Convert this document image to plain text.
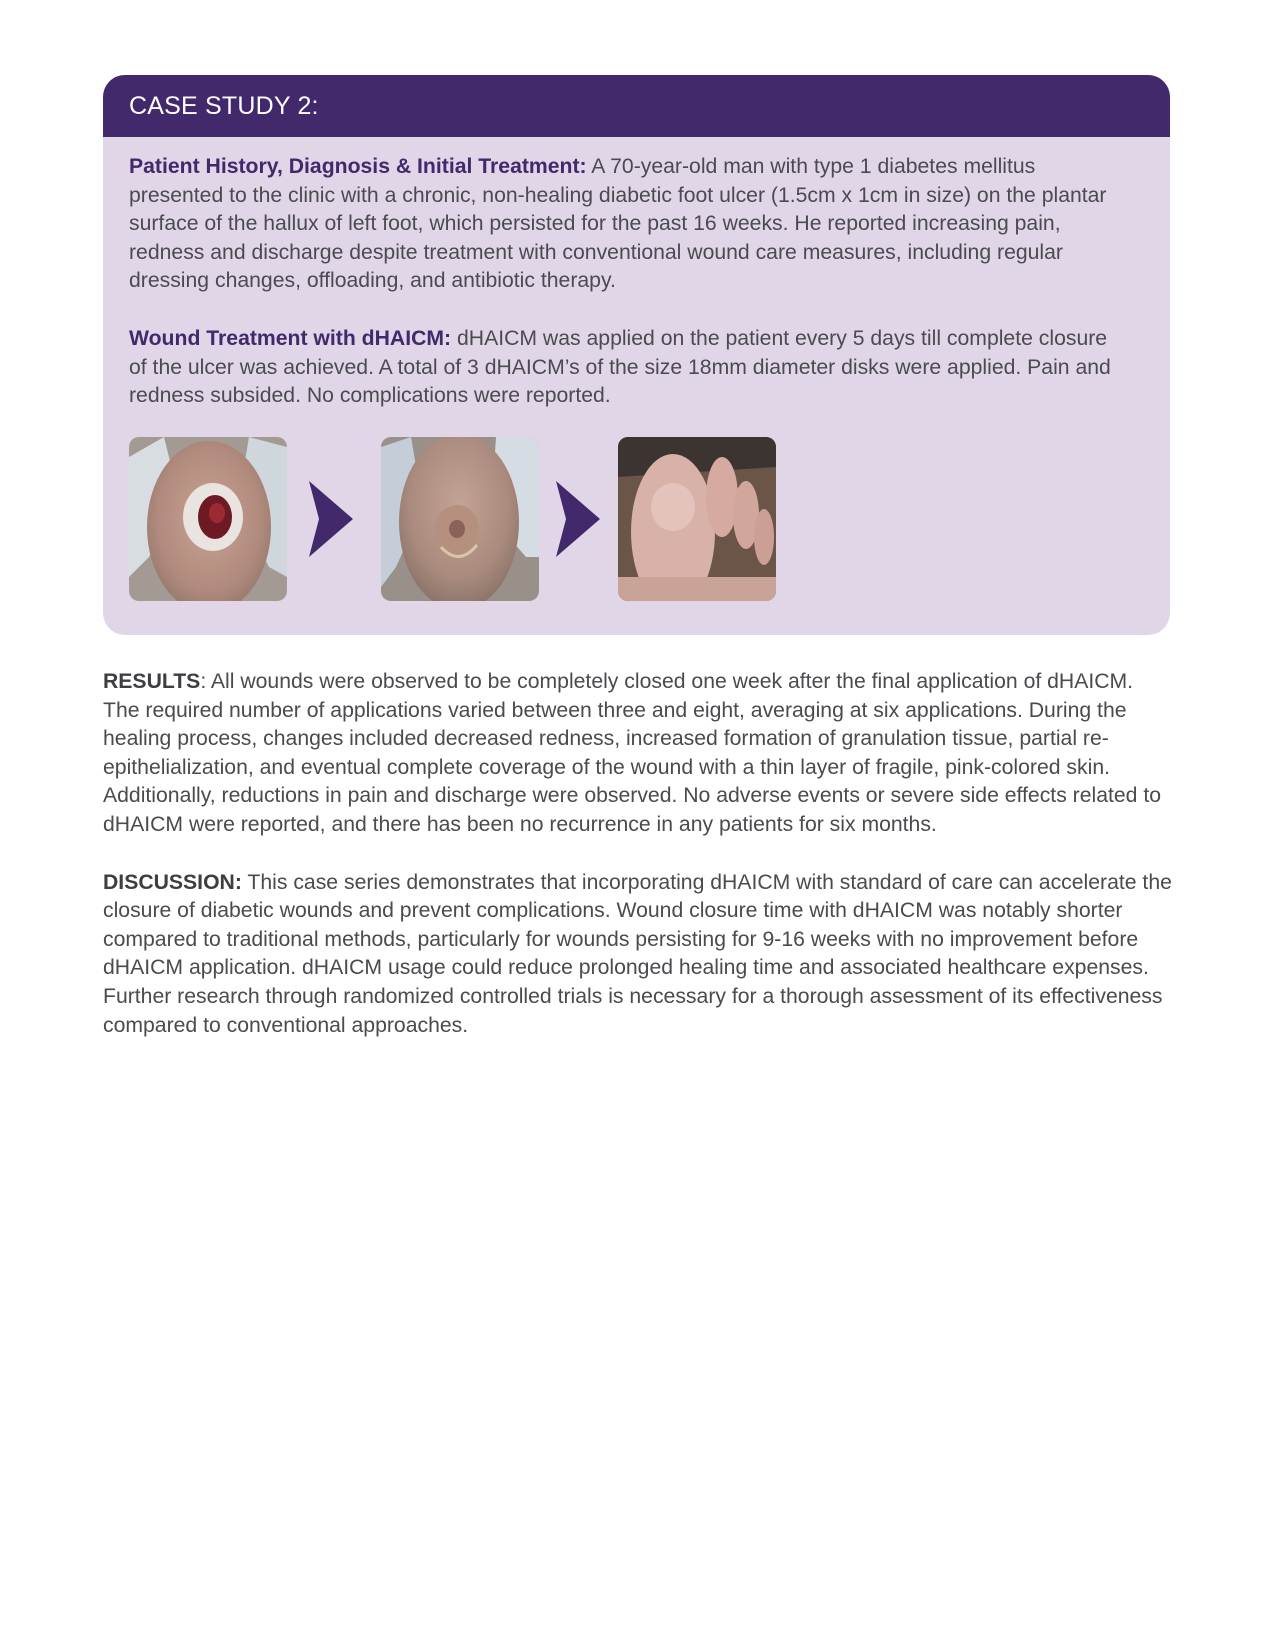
CASE STUDY 2:

Patient History, Diagnosis & Initial Treatment: A 70-year-old man with type 1 diabetes mellitus presented to the clinic with a chronic, non-healing diabetic foot ulcer (1.5cm x 1cm in size) on the plantar surface of the hallux of left foot, which persisted for the past 16 weeks. He reported increasing pain, redness and discharge despite treatment with conventional wound care measures, including regular dressing changes, offloading, and antibiotic therapy.

Wound Treatment with dHAICM: dHAICM was applied on the patient every 5 days till complete closure of the ulcer was achieved. A total of 3 dHAICM’s of the size 18mm diameter disks were applied. Pain and redness subsided. No complications were reported.

RESULTS: All wounds were observed to be completely closed one week after the final application of dHAICM. The required number of applications varied between three and eight, averaging at six applications. During the healing process, changes included decreased redness, increased formation of granulation tissue, partial re-epithelialization, and eventual complete coverage of the wound with a thin layer of fragile, pink-colored skin. Additionally, reductions in pain and discharge were observed. No adverse events or severe side effects related to dHAICM were reported, and there has been no recurrence in any patients for six months.

DISCUSSION: This case series demonstrates that incorporating dHAICM with standard of care can accelerate the closure of diabetic wounds and prevent complications. Wound closure time with dHAICM was notably shorter compared to traditional methods, particularly for wounds persisting for 9-16 weeks with no improvement before dHAICM application. dHAICM usage could reduce prolonged healing time and associated healthcare expenses. Further research through randomized controlled trials is necessary for a thorough assessment of its effectiveness compared to conventional approaches.
